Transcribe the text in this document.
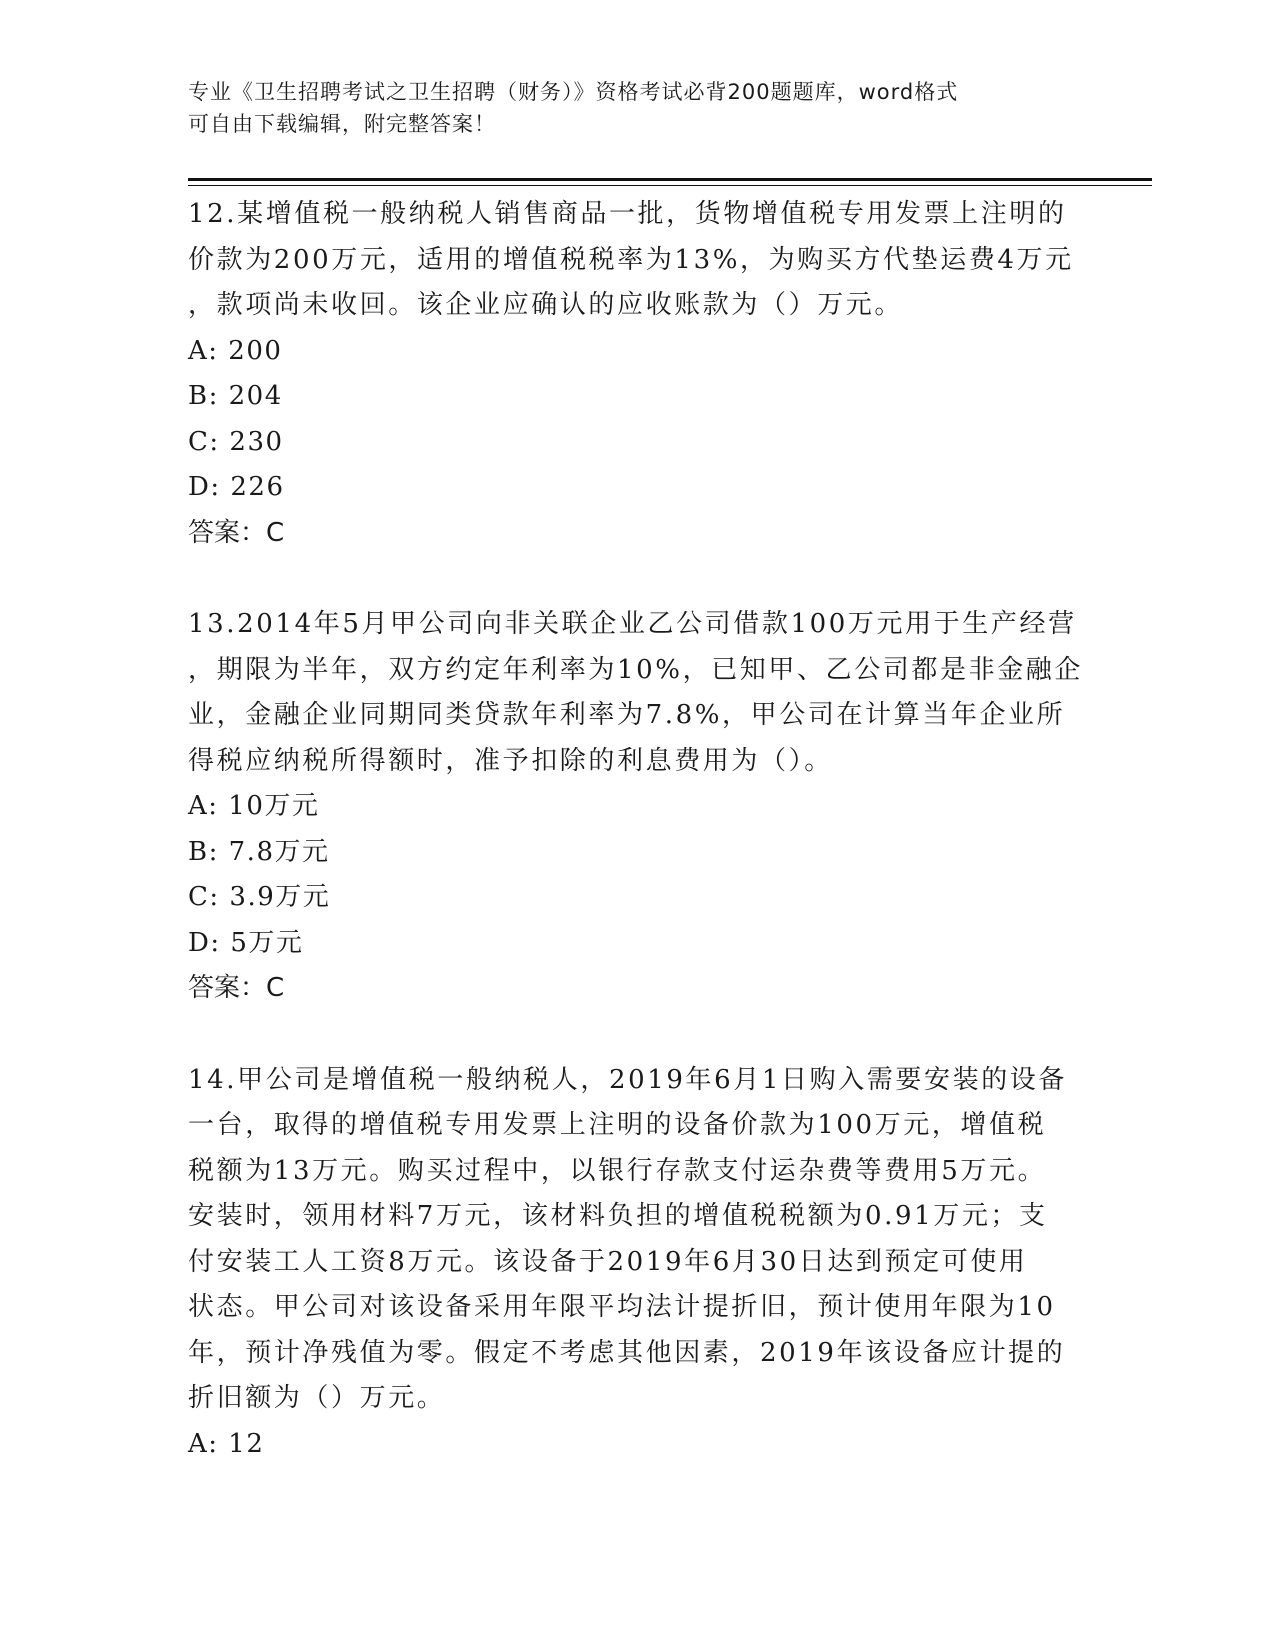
专业《卫生招聘考试之卫生招聘（财务）》资格考试必背200题题库，word格式
可自由下载编辑，附完整答案！

12.某增值税一般纳税人销售商品一批，货物增值税专用发票上注明的

价款为200万元，适用的增值税税率为13%，为购买方代垫运费4万元

，款项尚未收回。该企业应确认的应收账款为（）万元。

A: 200

B: 204

C: 230

D: 226

答案：C

13.2014年5月甲公司向非关联企业乙公司借款100万元用于生产经营

，期限为半年，双方约定年利率为10%，已知甲、乙公司都是非金融企

业，金融企业同期同类贷款年利率为7.8%，甲公司在计算当年企业所

得税应纳税所得额时，准予扣除的利息费用为（）。

A: 10万元

B: 7.8万元

C: 3.9万元

D: 5万元

答案：C

14.甲公司是增值税一般纳税人，2019年6月1日购入需要安装的设备

一台，取得的增值税专用发票上注明的设备价款为100万元，增值税

税额为13万元。购买过程中，以银行存款支付运杂费等费用5万元。

安装时，领用材料7万元，该材料负担的增值税税额为0.91万元；支

付安装工人工资8万元。该设备于2019年6月30日达到预定可使用

状态。甲公司对该设备采用年限平均法计提折旧，预计使用年限为10

年，预计净残值为零。假定不考虑其他因素，2019年该设备应计提的

折旧额为（）万元。

A: 12
